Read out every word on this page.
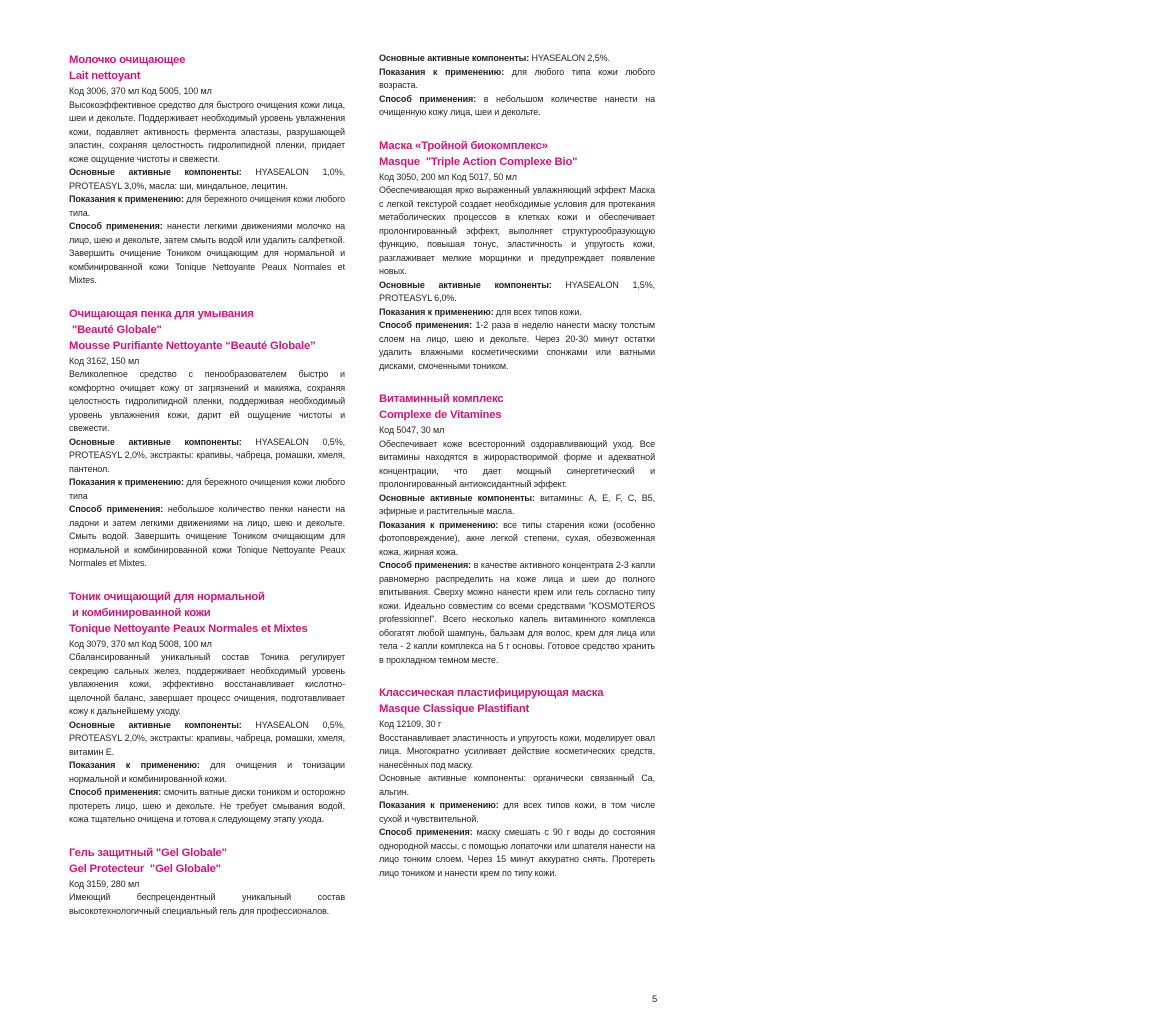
Молочко очищающее
Lait nettoyant
Код 3006, 370 мл Код 5005, 100 мл

Высокоэффективное средство для быстрого очищения кожи лица, шеи и декольте. Поддерживает необходимый уровень увлажнения кожи, подавляет активность фермента эластазы, разрушающей эластин, сохраняя целостность гидролипидной пленки, придает коже ощущение чистоты и свежести.

Основные активные компоненты: HYASEALON 1,0%, PROTEASYL 3,0%, масла: ши, миндальное, лецитин.

Показания к применению: для бережного очищения кожи любого типа.

Способ применения: нанести легкими движениями молочко на лицо, шею и декольте, затем смыть водой или удалить салфеткой. Завершить очищение Тоником очищающим для нормальной и комбинированной кожи Tonique Nettoyante Peaux Normales et Mixtes.

Очищающая пенка для умывания
"Beauté Globale"
Mousse Purifiante Nettoyante “Beauté Globale”
Код 3162, 150 мл

Великолепное средство с пенообразователем быстро и комфортно очищает кожу от загрязнений и макияжа, сохраняя целостность гидролипидной пленки, поддерживая необходимый уровень увлажнения кожи, дарит ей ощущение чистоты и свежести.

Основные активные компоненты: HYASEALON 0,5%, PROTEASYL 2,0%, экстракты: крапивы, чабреца, ромашки, хмеля, пантенол.

Показания к применению: для бережного очищения кожи любого типа

Способ применения: небольшое количество пенки нанести на ладони и затем легкими движениями на лицо, шею и декольте. Смыть водой. Завершить очищение Тоником очищающим для нормальной и комбинированной кожи Tonique Nettoyante Peaux Normales et Mixtes.

Тоник очищающий для нормальной
и комбинированной кожи
Tonique Nettoyante Peaux Normales et Mixtes
Код 3079, 370 мл Код 5008, 100 мл

Сбалансированный уникальный состав Тоника регулирует секрецию сальных желез, поддерживает необходимый уровень увлажнения кожи, эффективно восстанавливает кислотно-щелочной баланс, завершает процесс очищения, подготавливает кожу к дальнейшему уходу.

Основные активные компоненты: HYASEALON 0,5%, PROTEASYL 2,0%, экстракты: крапивы, чабреца, ромашки, хмеля, витамин E.

Показания к применению: для очищения и тонизации нормальной и комбинированной кожи.

Способ применения: смочить ватные диски тоником и осторожно протереть лицо, шею и декольте. Не требует смывания водой, кожа тщательно очищена и готова к следующему этапу ухода.

Гель защитный "Gel Globale"
Gel Protecteur  "Gel Globale"
Код 3159, 280 мл

Имеющий беспрецендентный уникальный состав высокотехнологичный специальный гель для профессионалов.

Основные активные компоненты: HYASEALON 2,5%.

Показания к применению: для любого типа кожи любого возраста.

Способ применения: в небольшом количестве нанести на очищенную кожу лица, шеи и декольте.

Маска «Тройной биокомплекс»
Masque  "Triple Action Complexe Bio"
Код 3050, 200 мл Код 5017, 50 мл

Обеспечивающая ярко выраженный увлажняющий эффект Маска с легкой текстурой создает необходимые условия для протекания метаболических процессов в клетках кожи и обеспечивает пролонгированный эффект, выполняет структурообразующую функцию, повышая тонус, эластичность и упругость кожи, разглаживает мелкие морщинки и предупреждает появление новых.

Основные активные компоненты: HYASEALON 1,5%, PROTEASYL 6,0%.

Показания к применению: для всех типов кожи.

Способ применения: 1-2 раза в неделю нанести маску толстым слоем на лицо, шею и декольте. Через 20-30 минут остатки удалить влажными косметическими спонжами или ватными дисками, смоченными тоником.

Витаминный комплекс
Complexe de Vitamines
Код 5047, 30 мл

Обеспечивает коже всесторонний оздоравливающий уход. Все витамины находятся в жирорастворимой форме и адекватной концентрации, что дает мощный синергетический и пролонгированный антиоксидантный эффект.

Основные активные компоненты: витамины: A, E, F, C, B5, эфирные и растительные масла.

Показания к применению: все типы старения кожи (особенно фотоповреждение), акне легкой степени, сухая, обезвоженная кожа, жирная кожа.

Способ применения: в качестве активного концентрата 2-3 капли равномерно распределить на коже лица и шеи до полного впитывания. Сверху можно нанести крем или гель согласно типу кожи. Идеально совместим со всеми средствами "KOSMOTEROS professionnel". Всего несколько капель витаминного комплекса обогатят любой шампунь, бальзам для волос, крем для лица или тела - 2 капли комплекса на 5 г основы. Готовое средство хранить в прохладном темном месте.

Классическая пластифицирующая маска
Masque Classique Plastifiant
Код 12109, 30 г

Восстанавливает эластичность и упругость кожи, моделирует овал лица. Многократно усиливает действие косметических средств, нанесённых под маску.

Основные активные компоненты: органически связанный Ca, альгин.

Показания к применению: для всех типов кожи, в том числе сухой и чувствительной.

Способ применения: маску смешать с 90 г воды до состояния однородной массы, с помощью лопаточки или шпателя нанести на лицо тонким слоем. Через 15 минут аккуратно снять. Протереть лицо тоником и нанести крем по типу кожи.

5
